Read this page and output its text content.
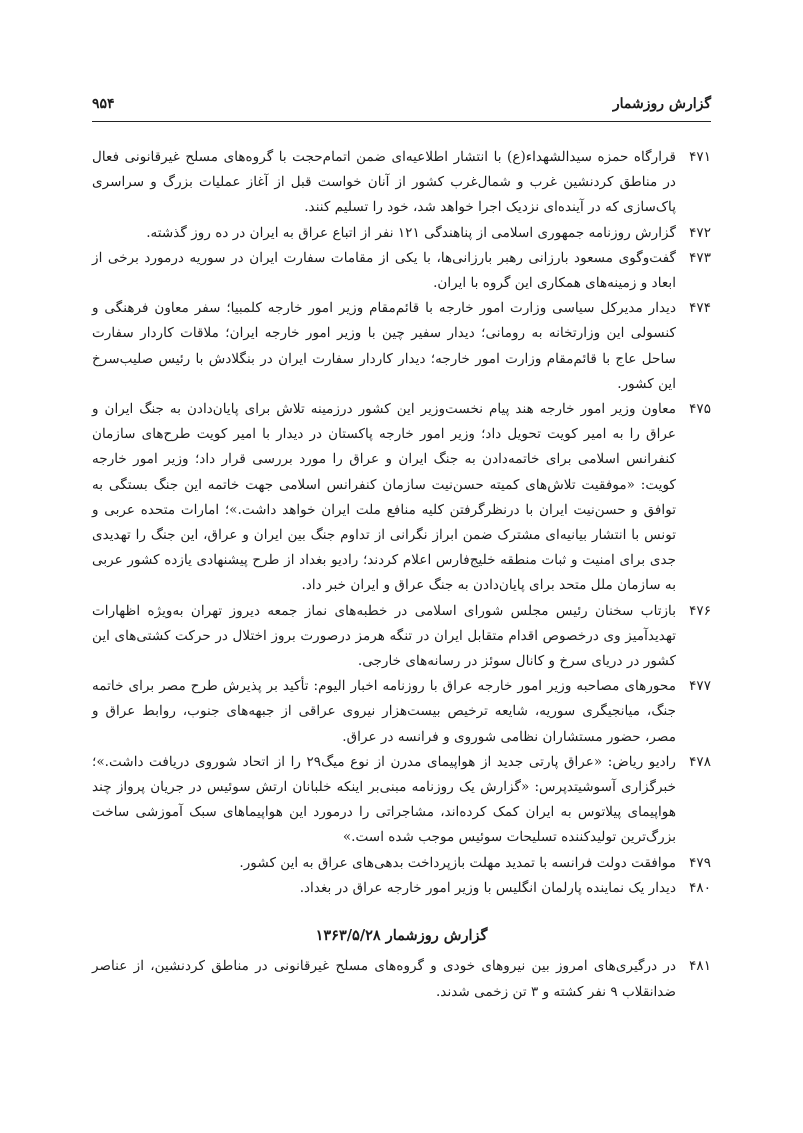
گزارش روزشمار
۹۵۴
۴۷۱
قرارگاه حمزه سیدالشهداء(ع) با انتشار اطلاعیه‌ای ضمن اتمام‌حجت با گروه‌های مسلح غیرقانونی فعال در مناطق کردنشین غرب و شمال‌غرب کشور از آنان خواست قبل از آغاز عملیات بزرگ و سراسری پاک‌سازی که در آینده‌ای نزدیک اجرا خواهد شد، خود را تسلیم کنند.
۴۷۲
گزارش روزنامه جمهوری اسلامی از پناهندگی ۱۲۱ نفر از اتباع عراق به ایران در ده روز گذشته.
۴۷۳
گفت‌وگوی مسعود بارزانی رهبر بارزانی‌ها، با یکی از مقامات سفارت ایران در سوریه درمورد برخی از ابعاد و زمینه‌های همکاری این گروه با ایران.
۴۷۴
دیدار مدیرکل سیاسی وزارت امور خارجه با قائم‌مقام وزیر امور خارجه کلمبیا؛ سفر معاون فرهنگی و کنسولی این وزارتخانه به رومانی؛ دیدار سفیر چین با وزیر امور خارجه ایران؛ ملاقات کاردار سفارت ساحل عاج با قائم‌مقام وزارت امور خارجه؛ دیدار کاردار سفارت ایران در بنگلادش با رئیس صلیب‌سرخ این کشور.
۴۷۵
معاون وزیر امور خارجه هند پیام نخست‌وزیر این کشور درزمینه تلاش برای پایان‌دادن به جنگ ایران و عراق را به امیر کویت تحویل داد؛ وزیر امور خارجه پاکستان در دیدار با امیر کویت طرح‌های سازمان کنفرانس اسلامی برای خاتمه‌دادن به جنگ ایران و عراق را مورد بررسی قرار داد؛ وزیر امور خارجه کویت: «موفقیت تلاش‌های کمیته حسن‌نیت سازمان کنفرانس اسلامی جهت خاتمه این جنگ بستگی به توافق و حسن‌نیت ایران با درنظرگرفتن کلیه منافع ملت ایران خواهد داشت.»؛ امارات متحده عربی و تونس با انتشار بیانیه‌ای مشترک ضمن ابراز نگرانی از تداوم جنگ بین ایران و عراق، این جنگ را تهدیدی جدی برای امنیت و ثبات منطقه خلیج‌فارس اعلام کردند؛ رادیو بغداد از طرح پیشنهادی یازده کشور عربی به سازمان ملل متحد برای پایان‌دادن به جنگ عراق و ایران خبر داد.
۴۷۶
بازتاب سخنان رئیس مجلس شورای اسلامی در خطبه‌های نماز جمعه دیروز تهران به‌ویژه اظهارات تهدیدآمیز وی درخصوص اقدام متقابل ایران در تنگه هرمز درصورت بروز اختلال در حرکت کشتی‌های این کشور در دریای سرخ و کانال سوئز در رسانه‌های خارجی.
۴۷۷
محورهای مصاحبه وزیر امور خارجه عراق با روزنامه اخبار الیوم: تأکید بر پذیرش طرح مصر برای خاتمه جنگ، میانجیگری سوریه، شایعه ترخیص بیست‌هزار نیروی عراقی از جبهه‌های جنوب، روابط عراق و مصر، حضور مستشاران نظامی شوروی و فرانسه در عراق.
۴۷۸
رادیو ریاض: «عراق پارتی جدید از هواپیمای مدرن از نوع میگ۲۹ را از اتحاد شوروی دریافت داشت.»؛ خبرگزاری آسوشیتدپرس: «گزارش یک روزنامه مبنی‌بر اینکه خلبانان ارتش سوئیس در جریان پرواز چند هواپیمای پیلاتوس به ایران کمک کرده‌اند، مشاجراتی را درمورد این هواپیماهای سبک آموزشی ساخت بزرگ‌ترین تولیدکننده تسلیحات سوئیس موجب شده است.»
۴۷۹
موافقت دولت فرانسه با تمدید مهلت بازپرداخت بدهی‌های عراق به این کشور.
۴۸۰
دیدار یک نماینده پارلمان انگلیس با وزیر امور خارجه عراق در بغداد.
گزارش روزشمار ۱۳۶۳/۵/۲۸
۴۸۱
در درگیری‌های امروز بین نیروهای خودی و گروه‌های مسلح غیرقانونی در مناطق کردنشین، از عناصر ضدانقلاب ۹ نفر کشته و ۳ تن زخمی شدند.
